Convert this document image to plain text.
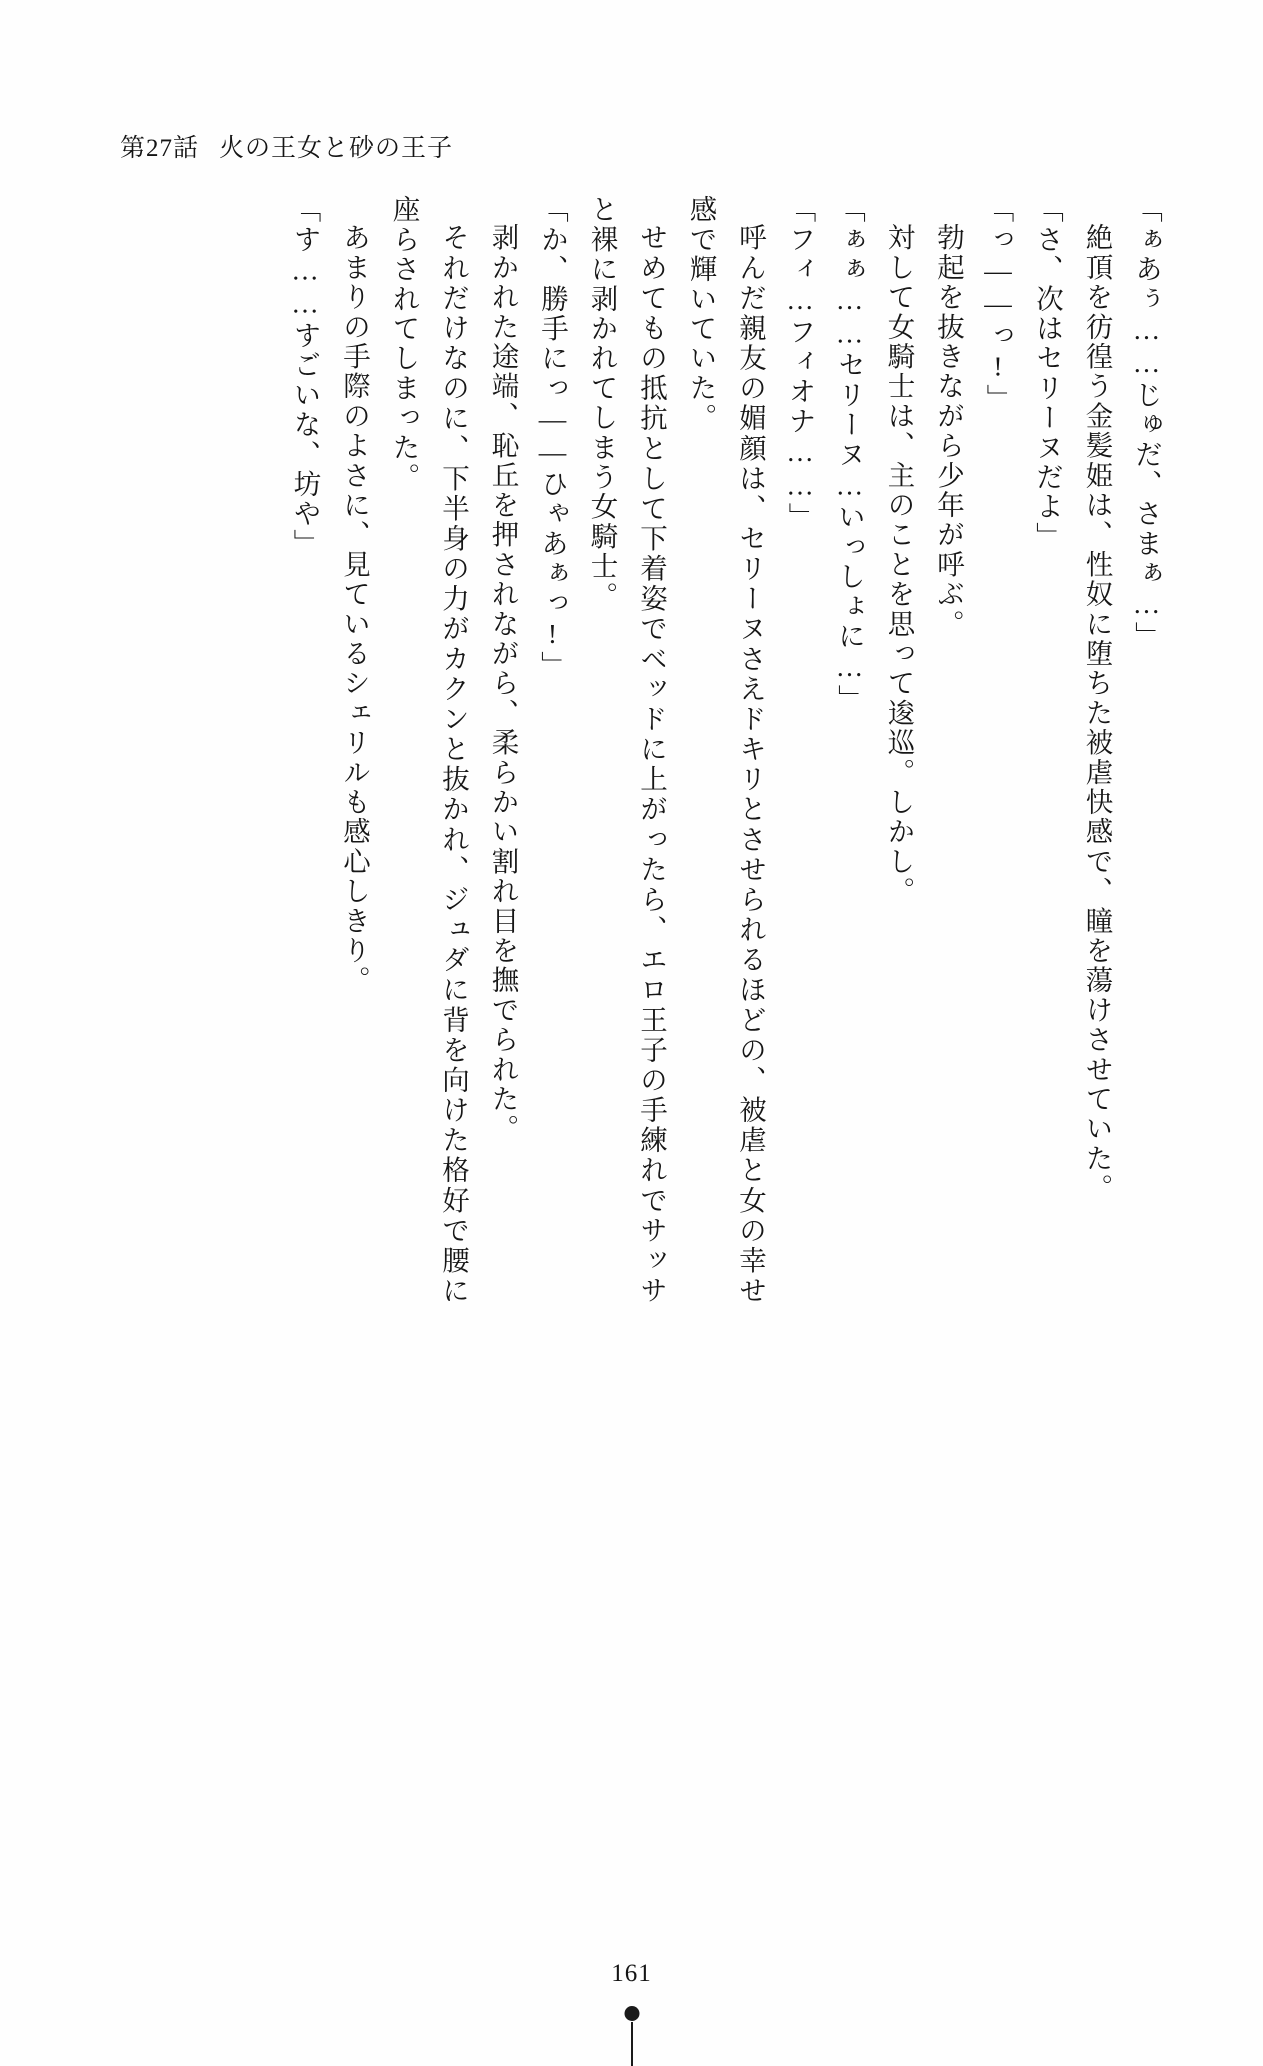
第27話 火の王女と砂の王子

「ぁあぅ……じゅだ、さまぁ…」

絶頂を彷徨う金髪姫は、性奴に堕ちた被虐快感で、瞳を蕩けさせていた。

「さ、次はセリーヌだよ」

「っ——っ!」

勃起を抜きながら少年が呼ぶ。

対して女騎士は、主のことを思って逡巡。しかし。

「ぁぁ……セリーヌ…いっしょに…」

「フィ…フィオナ……」

呼んだ親友の媚顔は、セリーヌさえドキリとさせられるほどの、被虐と女の幸せ感で輝いていた。

せめてもの抵抗として下着姿でベッドに上がったら、エロ王子の手練れでサッサと裸に剥かれてしまう女騎士。

「か、勝手にっ——ひゃあぁっ!」

剥かれた途端、恥丘を押されながら、柔らかい割れ目を撫でられた。

それだけなのに、下半身の力がカクンと抜かれ、ジュダに背を向けた格好で腰に座らされてしまった。

あまりの手際のよさに、見ているシェリルも感心しきり。

「す……すごいな、坊や」

161
